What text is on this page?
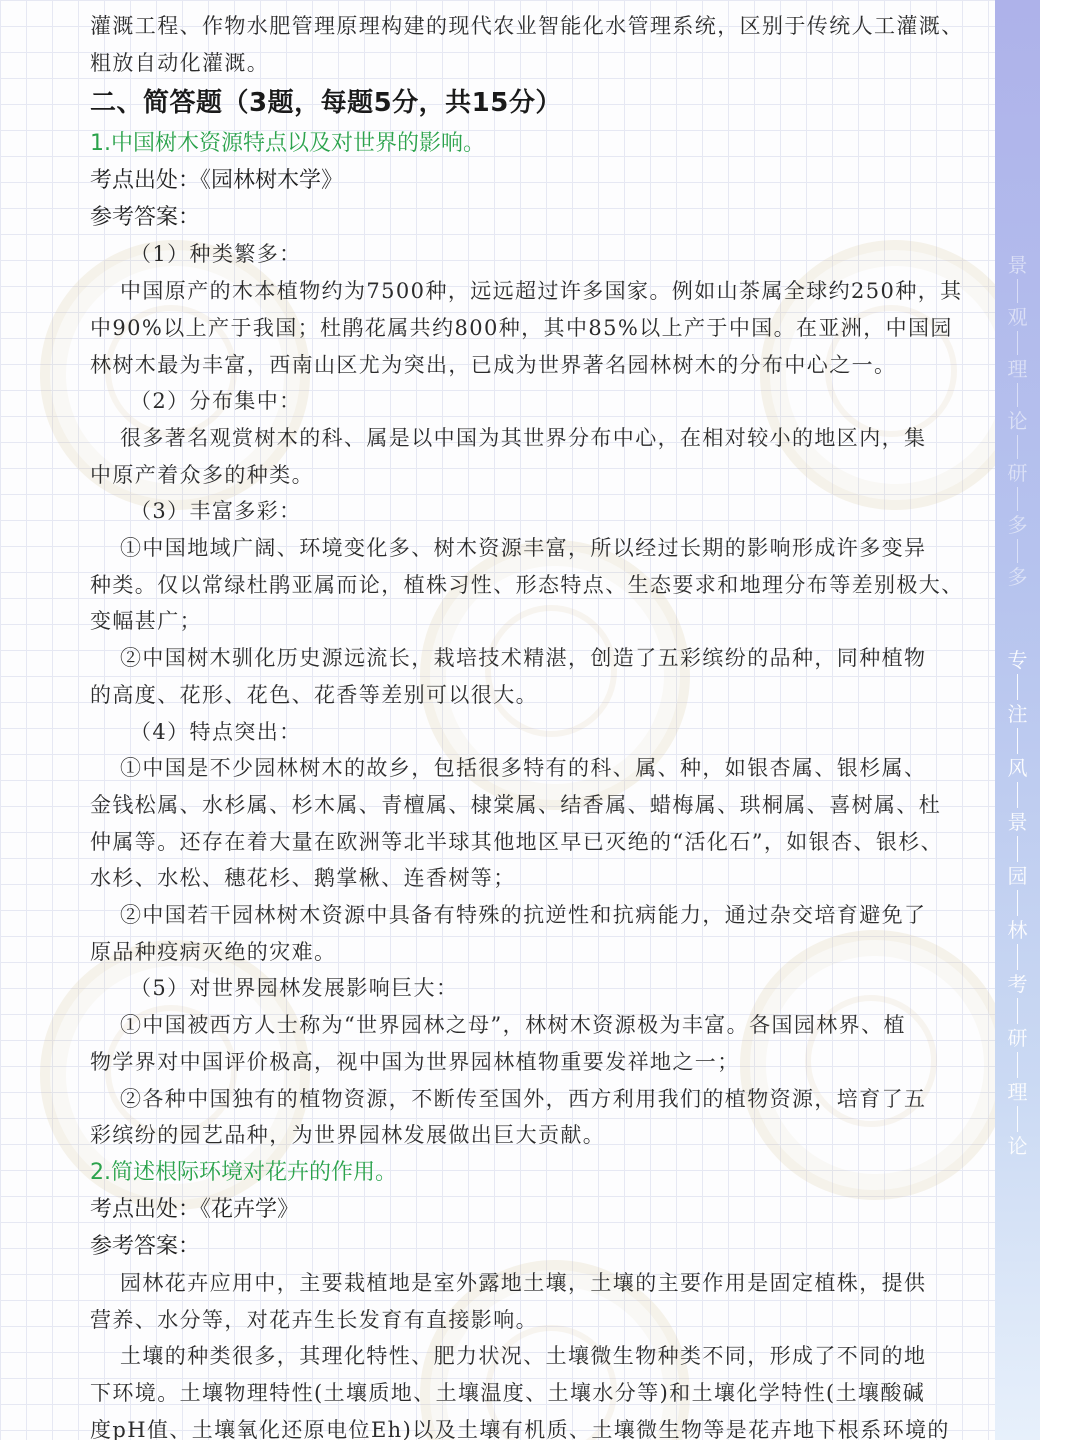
灌溉工程、作物水肥管理原理构建的现代农业智能化水管理系统，区别于传统人工灌溉、
粗放自动化灌溉。
二、简答题（3题，每题5分，共15分）
1.中国树木资源特点以及对世界的影响。
考点出处：《园林树木学》
参考答案：
（1）种类繁多：
中国原产的木本植物约为7500种，远远超过许多国家。例如山茶属全球约250种，其
中90%以上产于我国；杜鹃花属共约800种，其中85%以上产于中国。在亚洲，中国园
林树木最为丰富，西南山区尤为突出，已成为世界著名园林树木的分布中心之一。
（2）分布集中：
很多著名观赏树木的科、属是以中国为其世界分布中心，在相对较小的地区内，集
中原产着众多的种类。
（3）丰富多彩：
①中国地域广阔、环境变化多、树木资源丰富，所以经过长期的影响形成许多变异
种类。仅以常绿杜鹃亚属而论，植株习性、形态特点、生态要求和地理分布等差别极大、
变幅甚广；
②中国树木驯化历史源远流长，栽培技术精湛，创造了五彩缤纷的品种，同种植物
的高度、花形、花色、花香等差别可以很大。
（4）特点突出：
①中国是不少园林树木的故乡，包括很多特有的科、属、种，如银杏属、银杉属、
金钱松属、水杉属、杉木属、青檀属、棣棠属、结香属、蜡梅属、珙桐属、喜树属、杜
仲属等。还存在着大量在欧洲等北半球其他地区早已灭绝的“活化石”，如银杏、银杉、
水杉、水松、穗花杉、鹅掌楸、连香树等；
②中国若干园林树木资源中具备有特殊的抗逆性和抗病能力，通过杂交培育避免了
原品种疫病灭绝的灾难。
（5）对世界园林发展影响巨大：
①中国被西方人士称为“世界园林之母”，林树木资源极为丰富。各国园林界、植
物学界对中国评价极高，视中国为世界园林植物重要发祥地之一；
②各种中国独有的植物资源，不断传至国外，西方利用我们的植物资源，培育了五
彩缤纷的园艺品种，为世界园林发展做出巨大贡献。
2.简述根际环境对花卉的作用。
考点出处：《花卉学》
参考答案：
园林花卉应用中，主要栽植地是室外露地土壤，土壤的主要作用是固定植株，提供
营养、水分等，对花卉生长发育有直接影响。
土壤的种类很多，其理化特性、肥力状况、土壤微生物种类不同，形成了不同的地
下环境。土壤物理特性(土壤质地、土壤温度、土壤水分等)和土壤化学特性(土壤酸碱
度pH值、土壤氧化还原电位Eh)以及土壤有机质、土壤微生物等是花卉地下根系环境的
景
观
理
论
研
多
多
专
注
风
景
园
林
考
研
理
论
